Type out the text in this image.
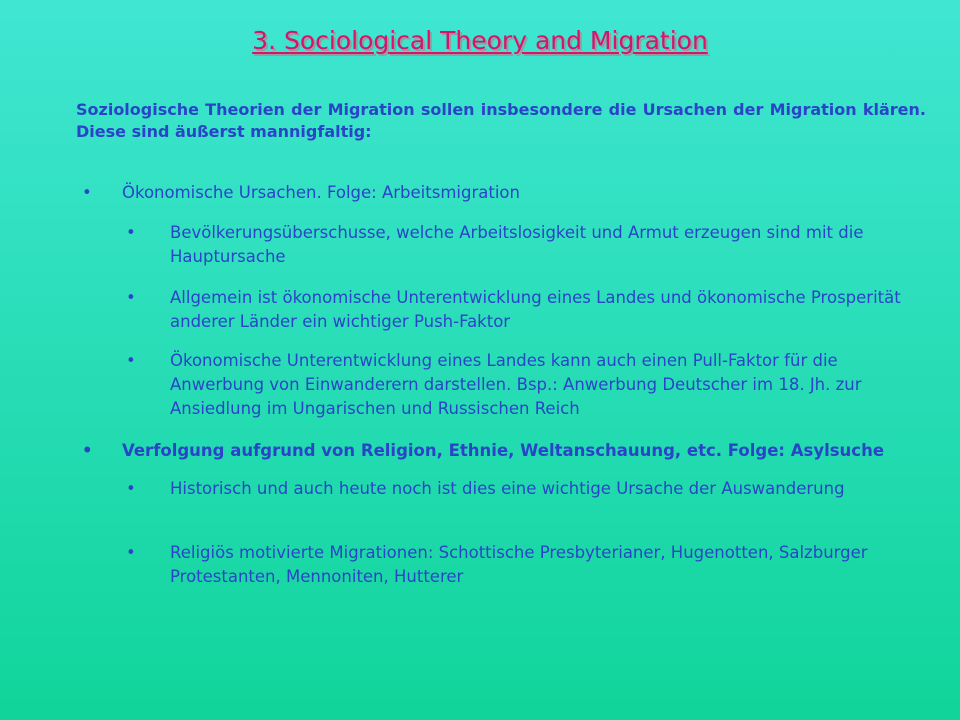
3. Sociological Theory and Migration
Soziologische Theorien der Migration sollen insbesondere die Ursachen der Migration klären. Diese sind äußerst mannigfaltig:
• Ökonomische Ursachen. Folge: Arbeitsmigration
• Bevölkerungsüberschusse, welche Arbeitslosigkeit und Armut erzeugen sind mit die Hauptursache
• Allgemein ist ökonomische Unterentwicklung eines Landes und ökonomische Prosperität anderer Länder ein wichtiger Push-Faktor
• Ökonomische Unterentwicklung eines Landes kann auch einen Pull-Faktor für die Anwerbung von Einwanderern darstellen. Bsp.: Anwerbung Deutscher im 18. Jh. zur Ansiedlung im Ungarischen und Russischen Reich
• Verfolgung aufgrund von Religion, Ethnie, Weltanschauung, etc. Folge: Asylsuche
• Historisch und auch heute noch ist dies eine wichtige Ursache der Auswanderung
• Religiös motivierte Migrationen: Schottische Presbyterianer, Hugenotten, Salzburger Protestanten, Mennoniten, Hutterer
